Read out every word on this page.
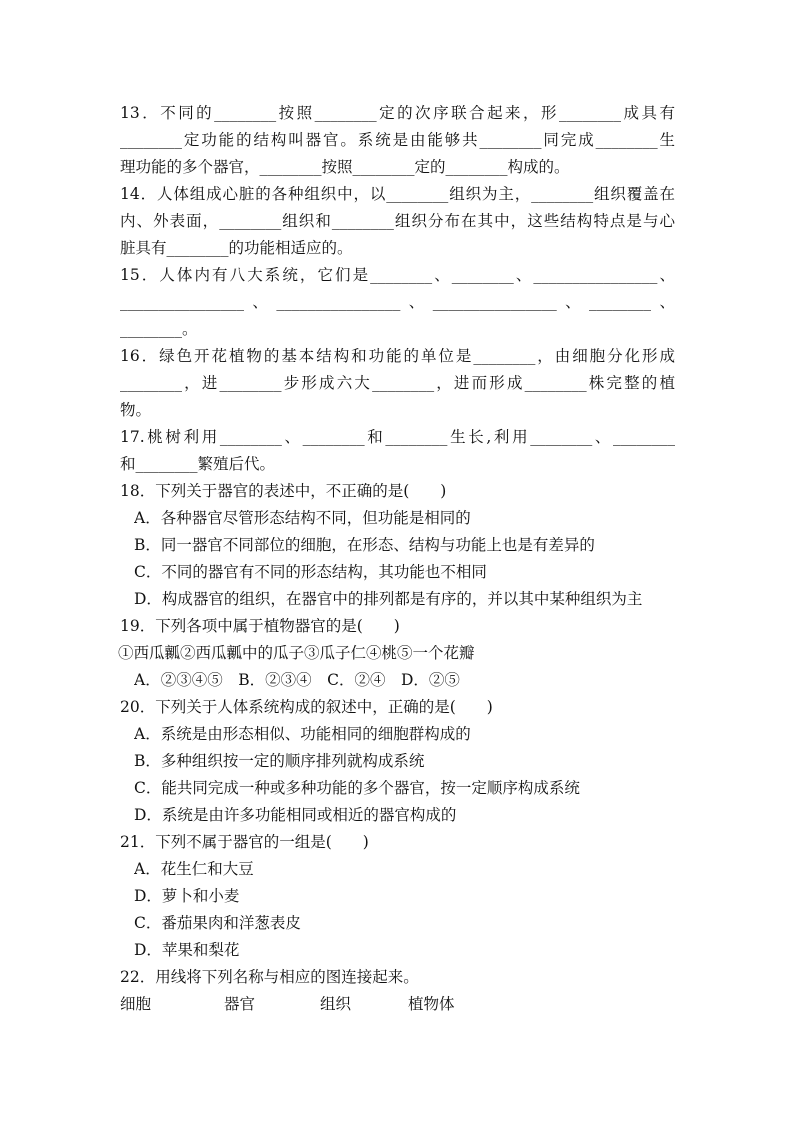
13．不同的________按照________定的次序联合起来，形________成具有
________定功能的结构叫器官。系统是由能够共________同完成________生
理功能的多个器官，________按照________定的________构成的。
14．人体组成心脏的各种组织中，以________组织为主，________组织覆盖在
内、外表面，________组织和________组织分布在其中，这些结构特点是与心
脏具有________的功能相适应的。
15．人体内有八大系统，它们是________、________、________________、
________________、________________、________________、________、
________。
16．绿色开花植物的基本结构和功能的单位是________，由细胞分化形成
________，进________步形成六大________，进而形成________株完整的植
物。
17.桃树利用________、________和________生长,利用________、________
和________繁殖后代。
18．下列关于器官的表述中，不正确的是(　　)
A．各种器官尽管形态结构不同，但功能是相同的
B．同一器官不同部位的细胞，在形态、结构与功能上也是有差异的
C．不同的器官有不同的形态结构，其功能也不相同
D．构成器官的组织，在器官中的排列都是有序的，并以其中某种组织为主
19．下列各项中属于植物器官的是(　　)
①西瓜瓤②西瓜瓤中的瓜子③瓜子仁④桃⑤一个花瓣
A．②③④⑤　B．②③④　C．②④　D．②⑤
20．下列关于人体系统构成的叙述中，正确的是(　　)
A．系统是由形态相似、功能相同的细胞群构成的
B．多种组织按一定的顺序排列就构成系统
C．能共同完成一种或多种功能的多个器官，按一定顺序构成系统
D．系统是由许多功能相同或相近的器官构成的
21．下列不属于器官的一组是(　　)
A．花生仁和大豆
D．萝卜和小麦
C．番茄果肉和洋葱表皮
D．苹果和梨花
22．用线将下列名称与相应的图连接起来。
细胞	器官	组织	植物体
